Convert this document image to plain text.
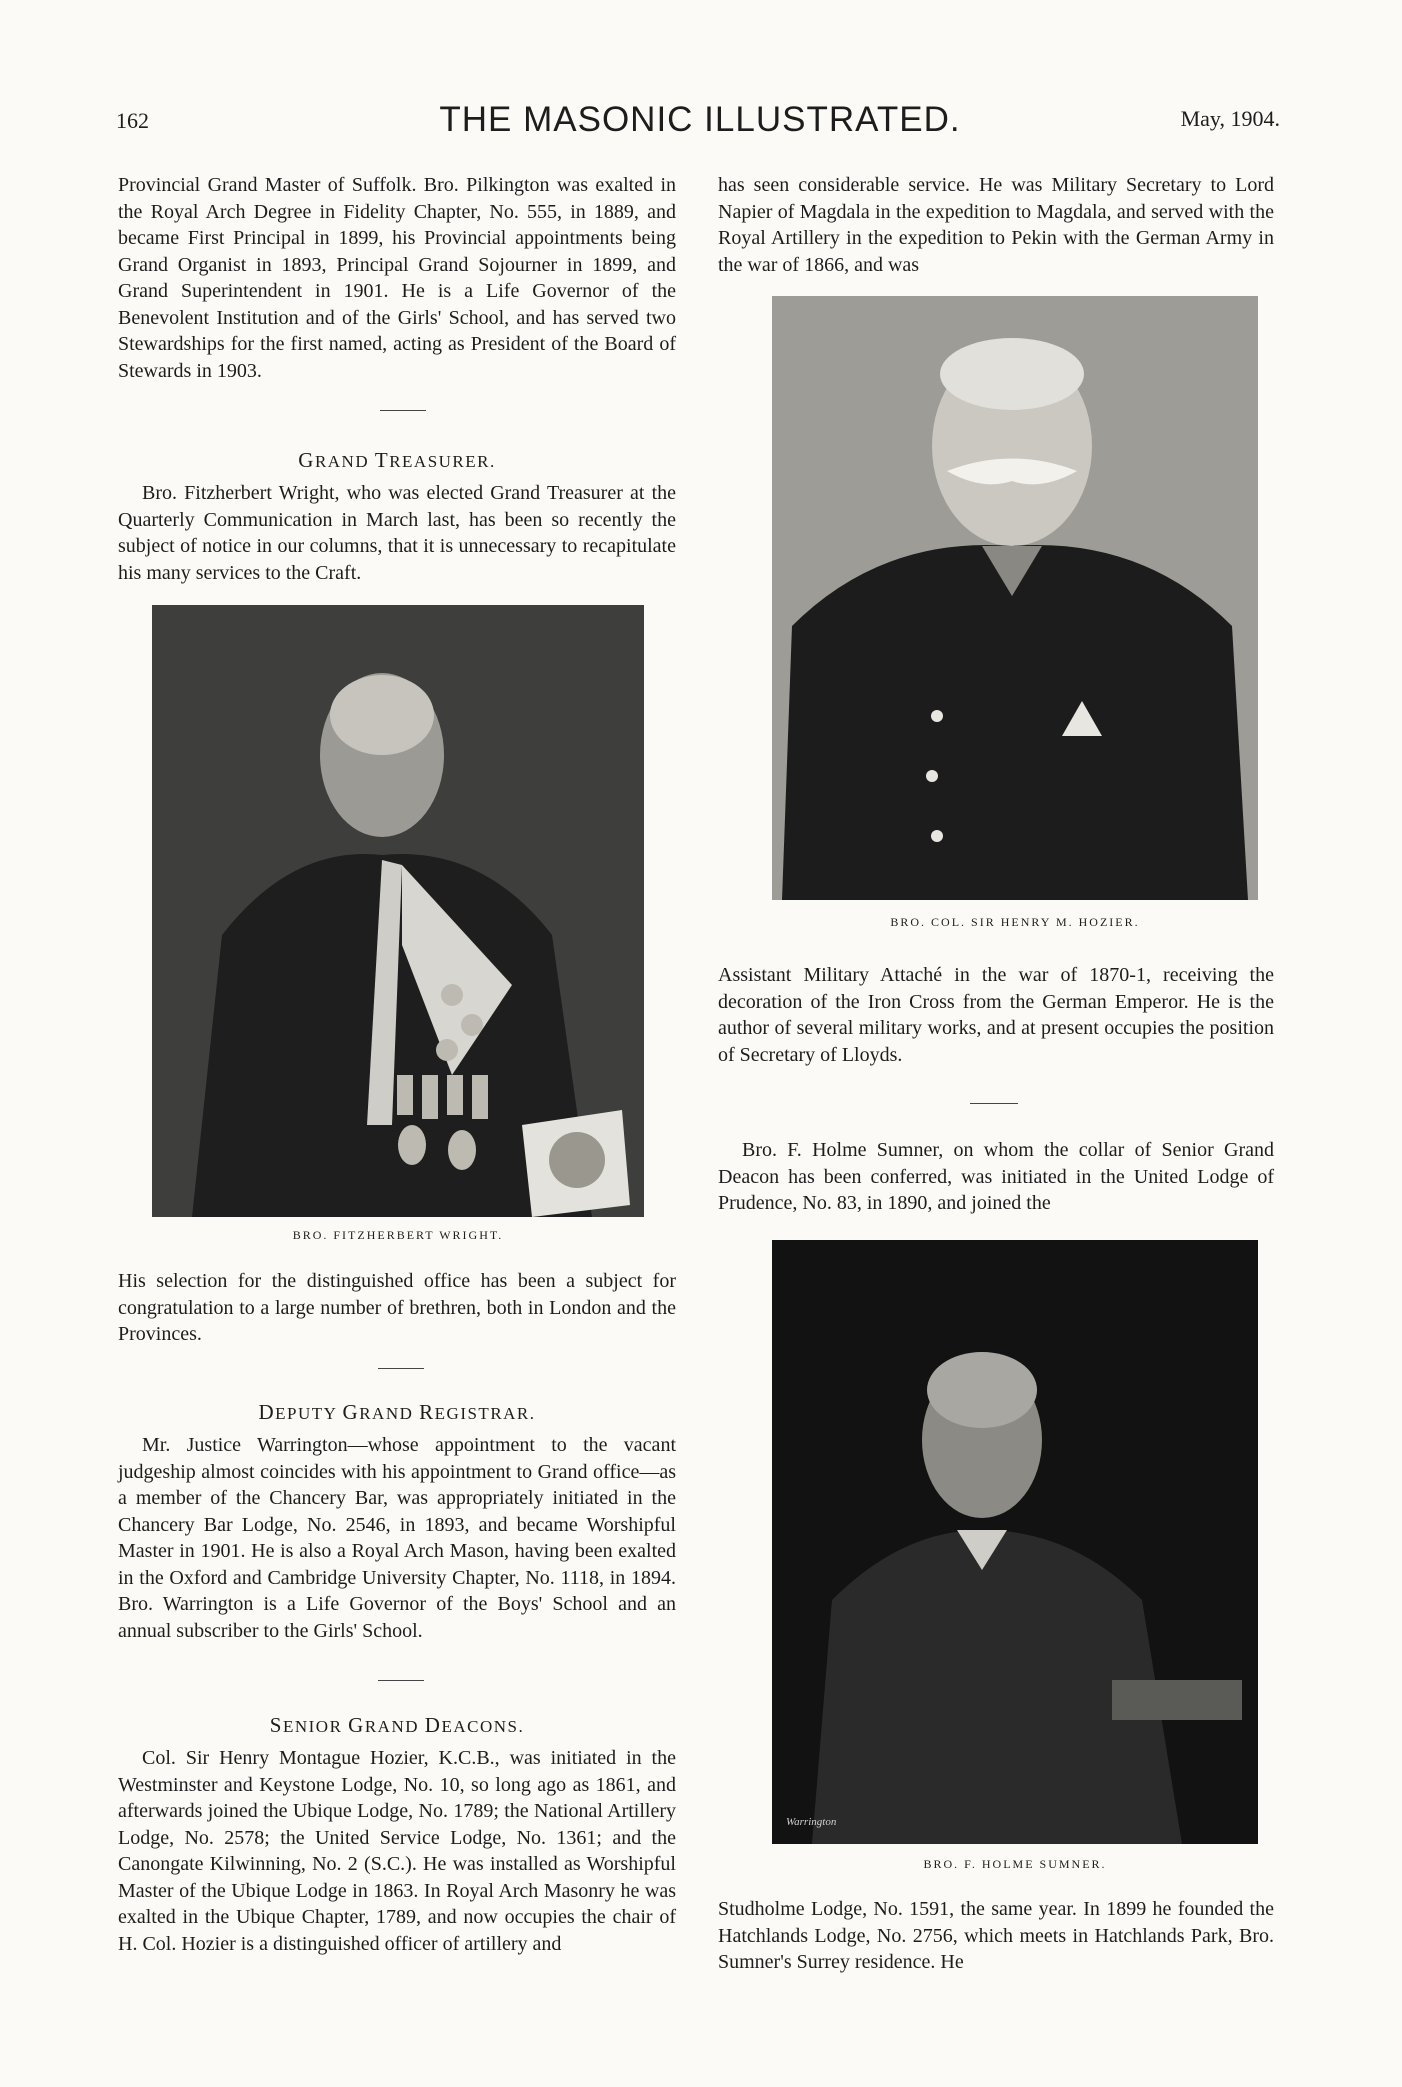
162	THE MASONIC ILLUSTRATED.	May, 1904.

Provincial Grand Master of Suffolk. Bro. Pilkington was exalted in the Royal Arch Degree in Fidelity Chapter, No. 555, in 1889, and became First Principal in 1899, his Provincial appointments being Grand Organist in 1893, Principal Grand Sojourner in 1899, and Grand Superintendent in 1901. He is a Life Governor of the Benevolent Institution and of the Girls' School, and has served two Stewardships for the first named, acting as President of the Board of Stewards in 1903.

GRAND TREASURER.

Bro. Fitzherbert Wright, who was elected Grand Treasurer at the Quarterly Communication in March last, has been so recently the subject of notice in our columns, that it is unnecessary to recapitulate his many services to the Craft.

BRO. FITZHERBERT WRIGHT.

His selection for the distinguished office has been a subject for congratulation to a large number of brethren, both in London and the Provinces.

DEPUTY GRAND REGISTRAR.

Mr. Justice Warrington—whose appointment to the vacant judgeship almost coincides with his appointment to Grand office—as a member of the Chancery Bar, was appropriately initiated in the Chancery Bar Lodge, No. 2546, in 1893, and became Worshipful Master in 1901. He is also a Royal Arch Mason, having been exalted in the Oxford and Cambridge University Chapter, No. 1118, in 1894. Bro. Warrington is a Life Governor of the Boys' School and an annual subscriber to the Girls' School.

SENIOR GRAND DEACONS.

Col. Sir Henry Montague Hozier, K.C.B., was initiated in the Westminster and Keystone Lodge, No. 10, so long ago as 1861, and afterwards joined the Ubique Lodge, No. 1789; the National Artillery Lodge, No. 2578; the United Service Lodge, No. 1361; and the Canongate Kilwinning, No. 2 (S.C.). He was installed as Worshipful Master of the Ubique Lodge in 1863. In Royal Arch Masonry he was exalted in the Ubique Chapter, 1789, and now occupies the chair of H. Col. Hozier is a distinguished officer of artillery and

has seen considerable service. He was Military Secretary to Lord Napier of Magdala in the expedition to Magdala, and served with the Royal Artillery in the expedition to Pekin with the German Army in the war of 1866, and was

BRO. COL. SIR HENRY M. HOZIER.

Assistant Military Attaché in the war of 1870-1, receiving the decoration of the Iron Cross from the German Emperor. He is the author of several military works, and at present occupies the position of Secretary of Lloyds.

Bro. F. Holme Sumner, on whom the collar of Senior Grand Deacon has been conferred, was initiated in the United Lodge of Prudence, No. 83, in 1890, and joined the

Warrington
BRO. F. HOLME SUMNER.

Studholme Lodge, No. 1591, the same year. In 1899 he founded the Hatchlands Lodge, No. 2756, which meets in Hatchlands Park, Bro. Sumner's Surrey residence. He
